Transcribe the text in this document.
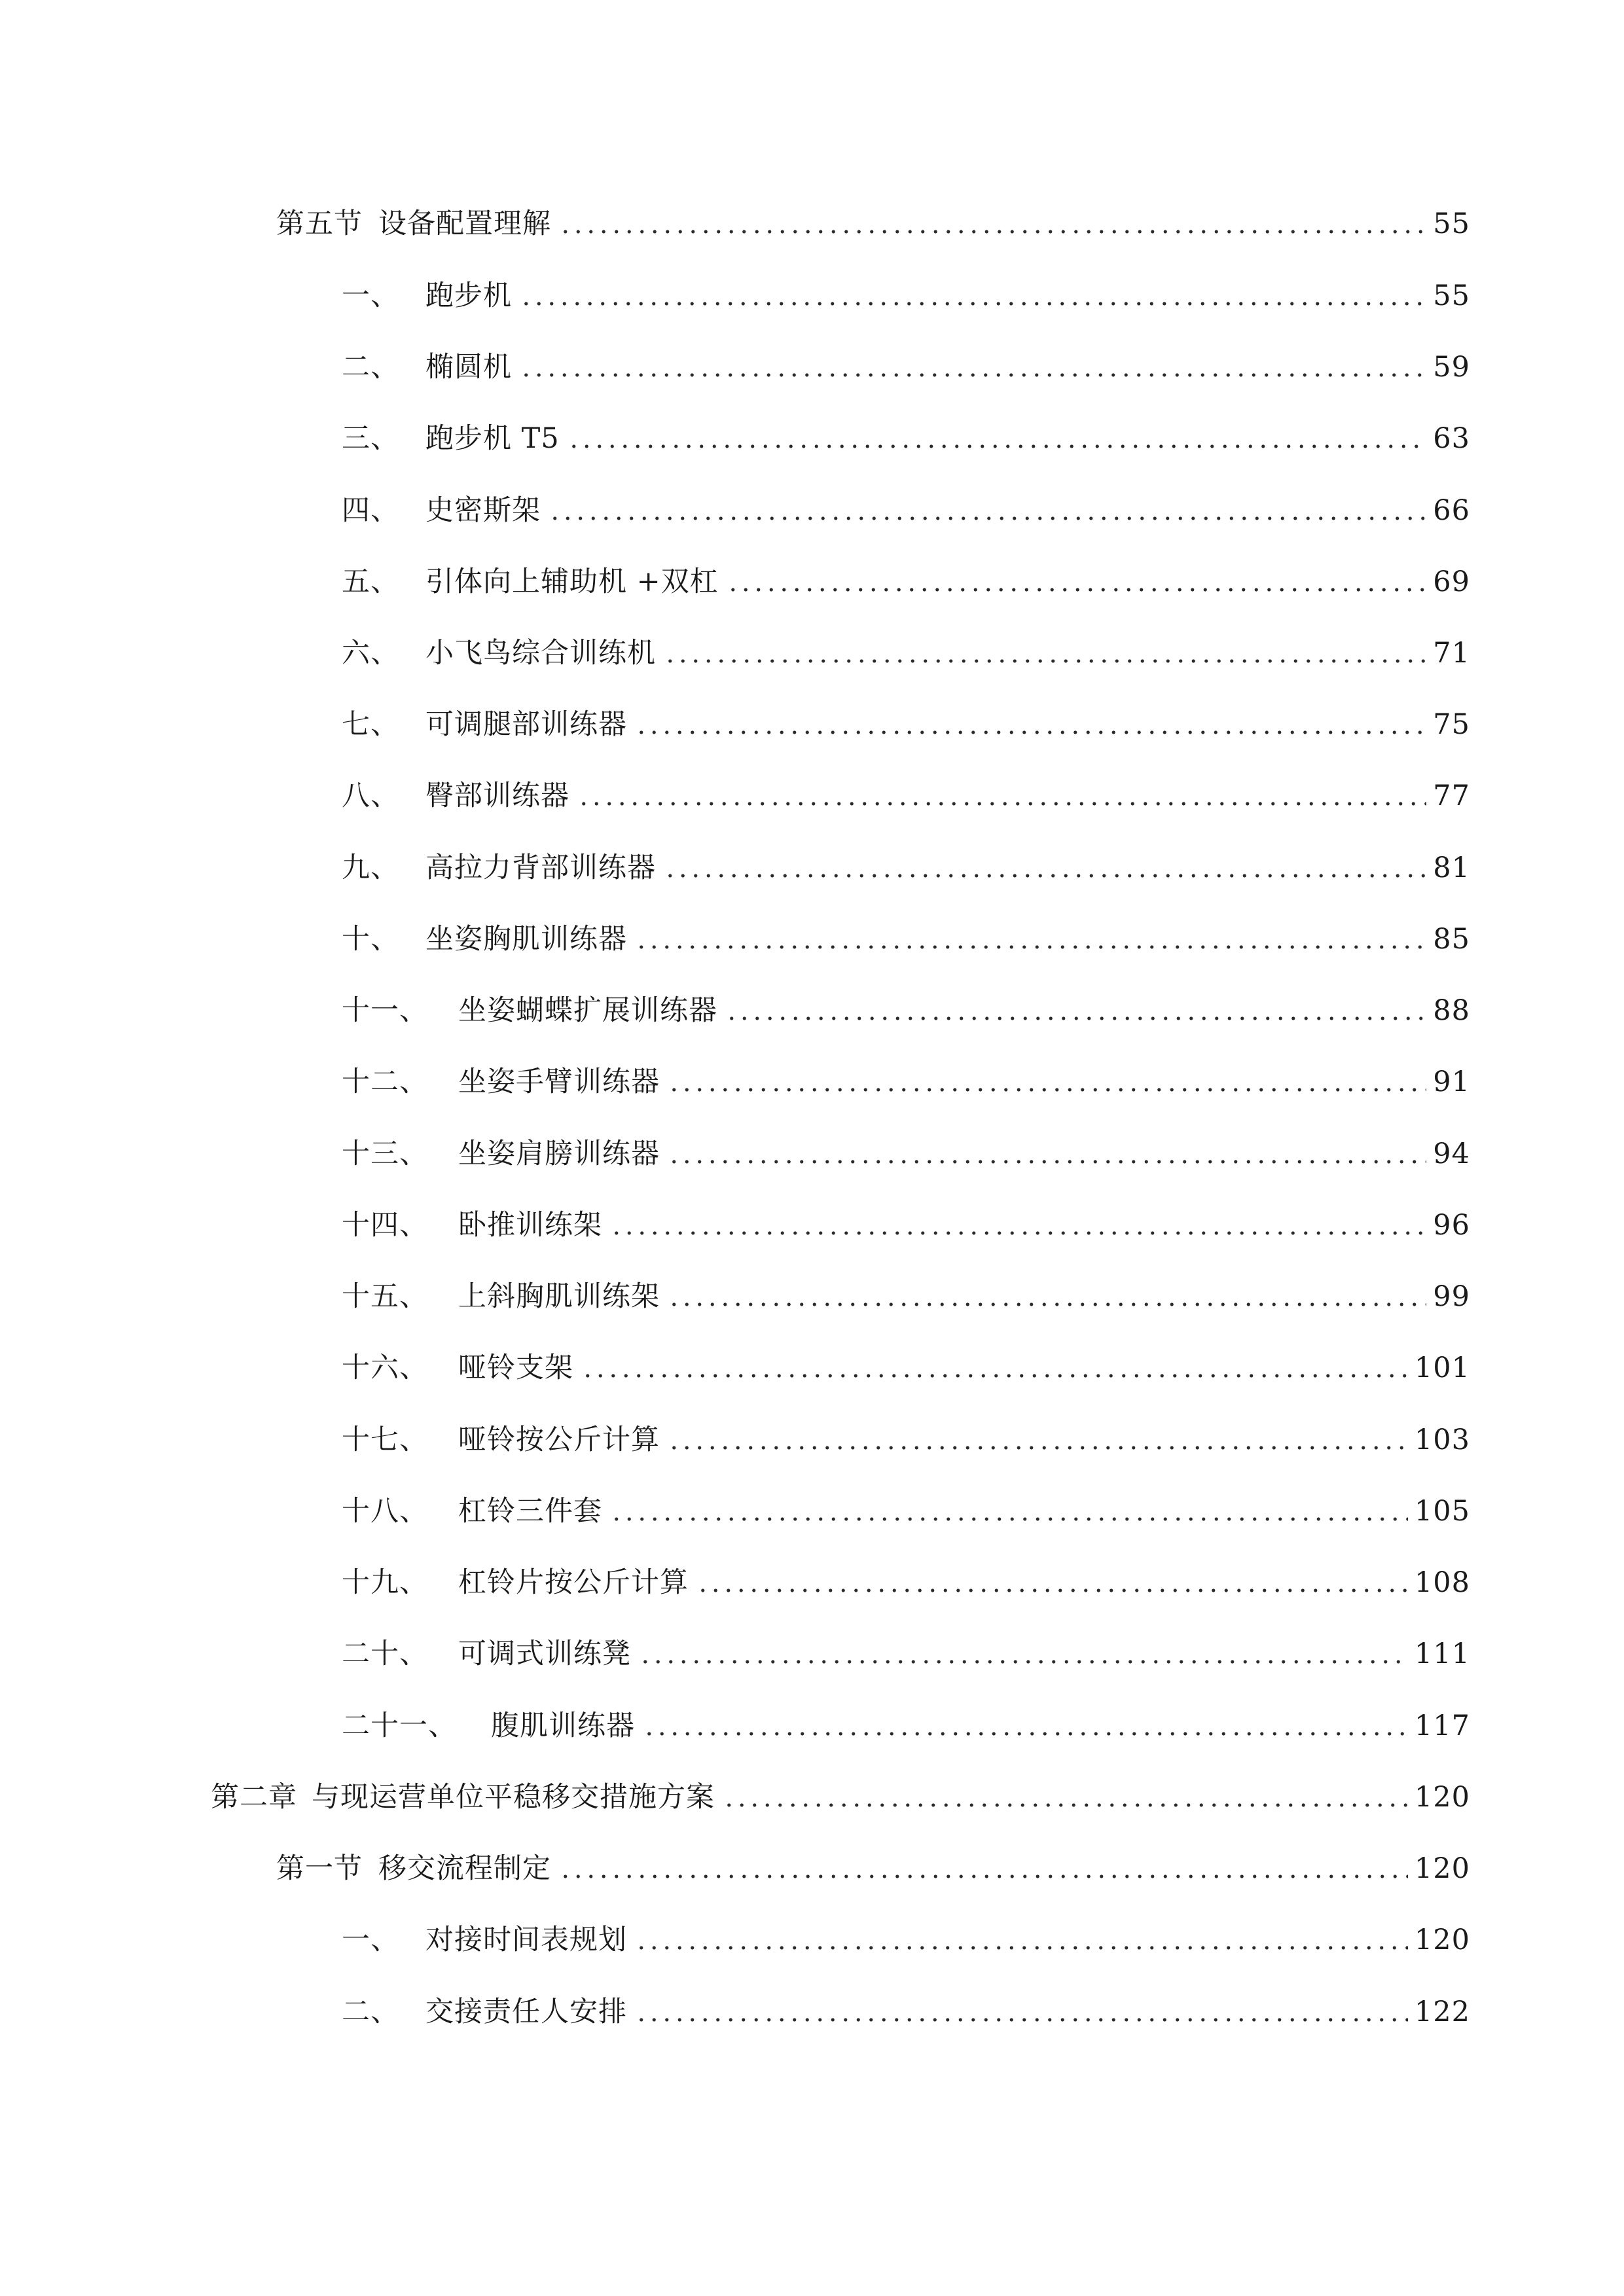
第五节 设备配置理解	55
一、 跑步机	55
二、 椭圆机	59
三、 跑步机 T5	63
四、 史密斯架	66
五、 引体向上辅助机 +双杠	69
六、 小飞鸟综合训练机	71
七、 可调腿部训练器	75
八、 臀部训练器	77
九、 高拉力背部训练器	81
十、 坐姿胸肌训练器	85
十一、	坐姿蝴蝶扩展训练器	88
十二、	坐姿手臂训练器	91
十三、	坐姿肩膀训练器	94
十四、	卧推训练架	96
十五、	上斜胸肌训练架	99
十六、	哑铃支架	101
十七、	哑铃按公斤计算	103
十八、	杠铃三件套	105
十九、	杠铃片按公斤计算	108
二十、	可调式训练凳	111
二十一、	腹肌训练器	117
第二章 与现运营单位平稳移交措施方案	120
第一节 移交流程制定	120
一、 对接时间表规划	120
二、 交接责任人安排	122
